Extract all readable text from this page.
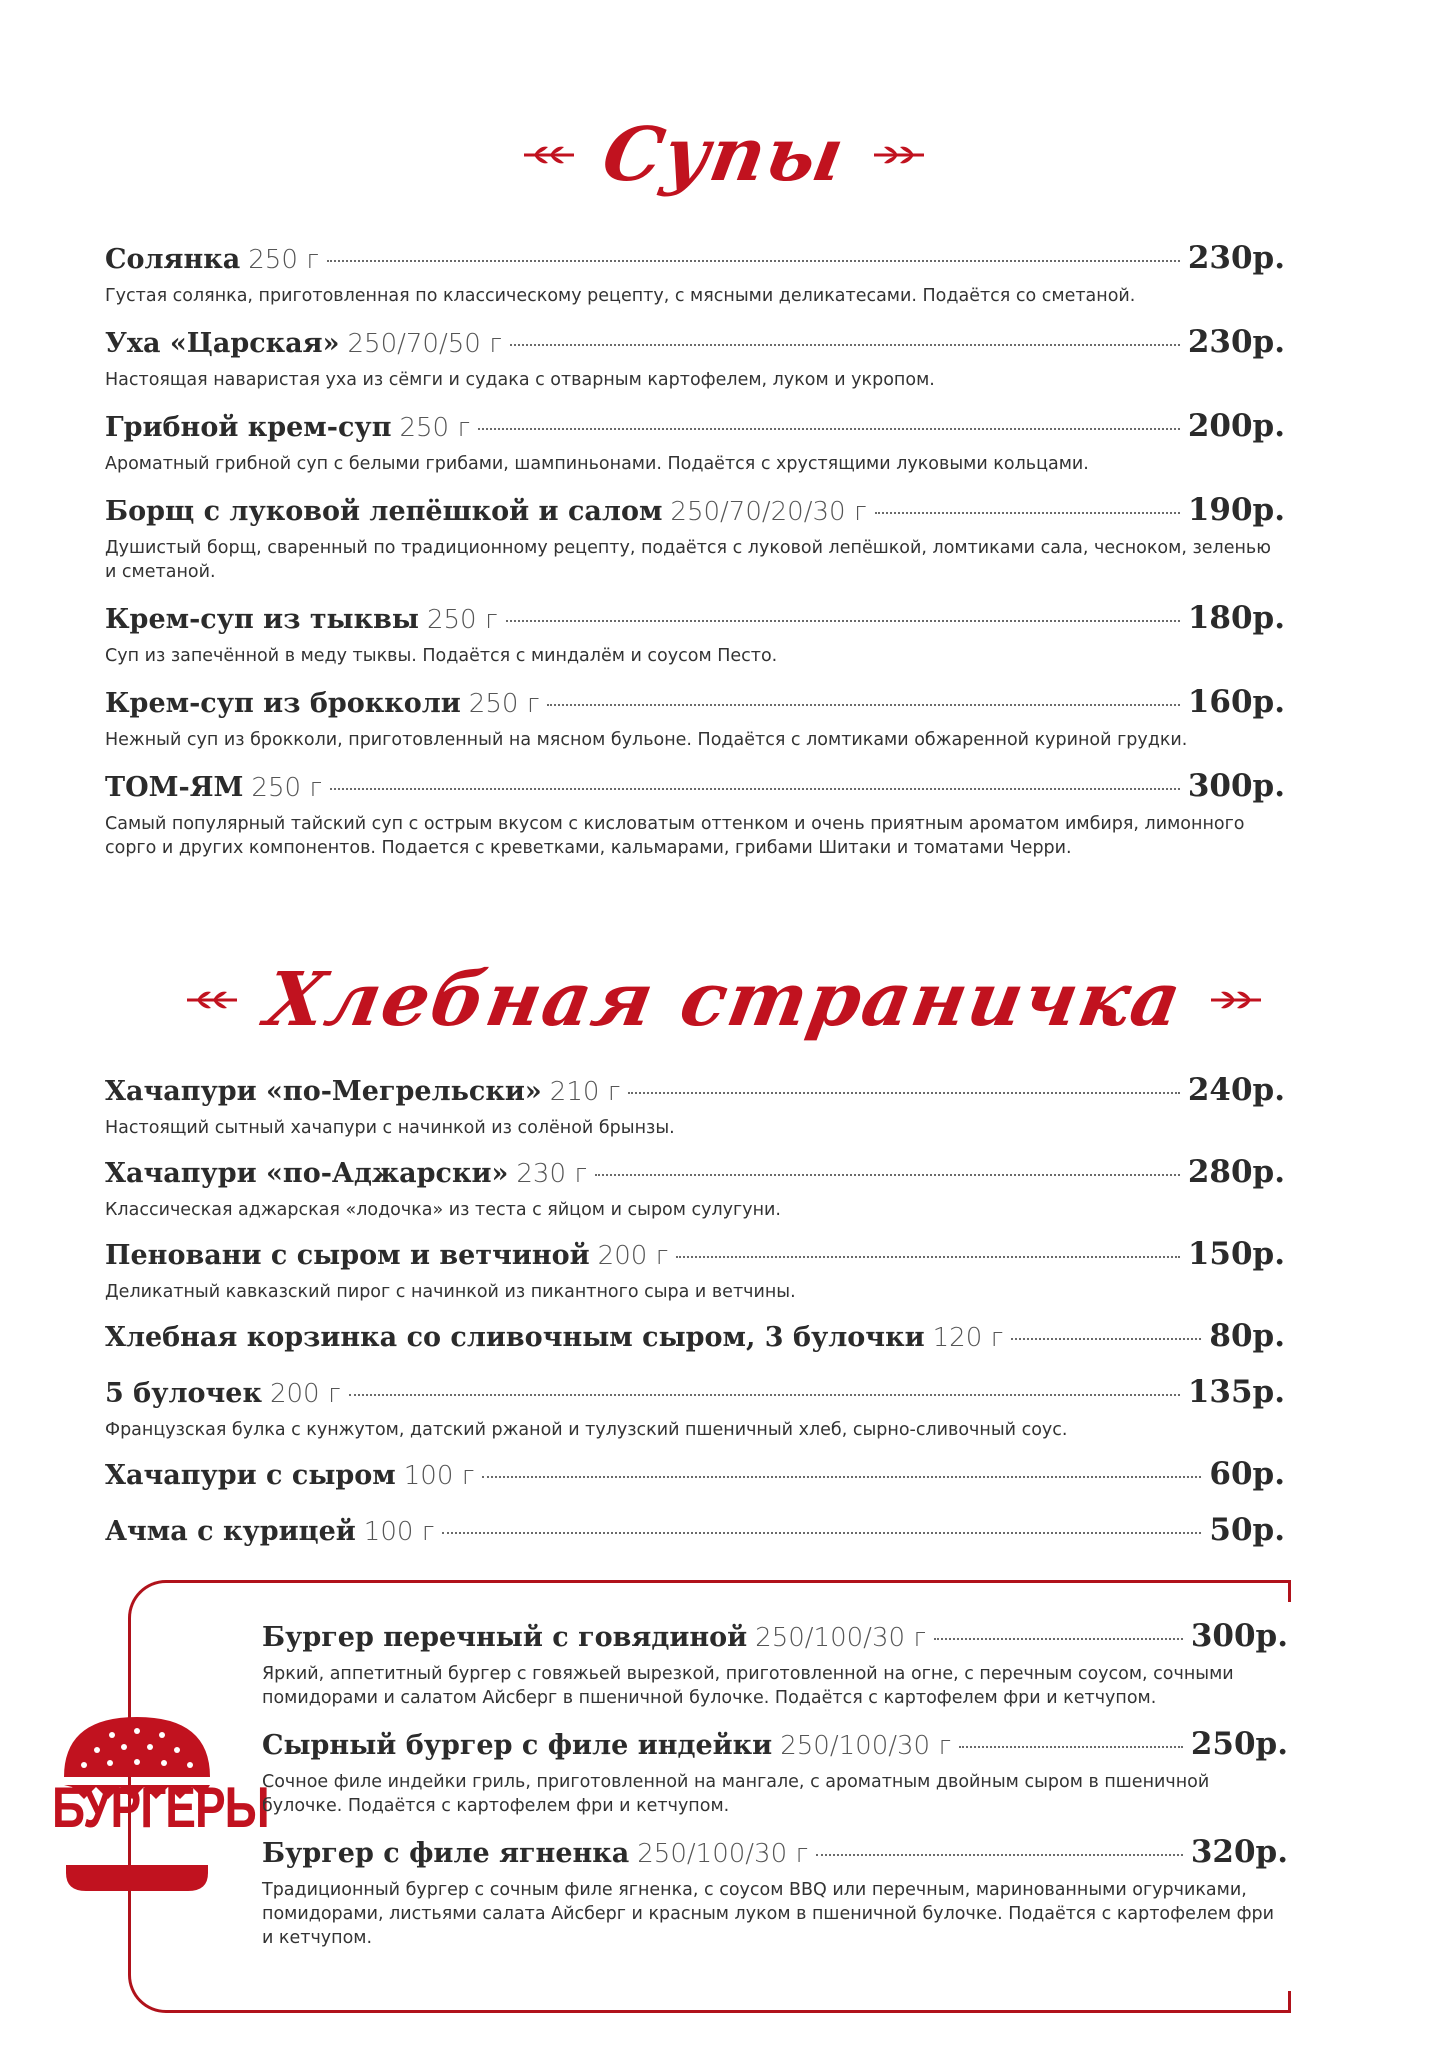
Супы
Солянка 250 г	230р.
Густая солянка, приготовленная по классическому рецепту, с мясными деликатесами. Подаётся со сметаной.
Уха «Царская» 250/70/50 г	230р.
Настоящая наваристая уха из сёмги и судака с отварным картофелем, луком и укропом.
Грибной крем-суп 250 г	200р.
Ароматный грибной суп с белыми грибами, шампиньонами. Подаётся с хрустящими луковыми кольцами.
Борщ с луковой лепёшкой и салом 250/70/20/30 г	190р.
Душистый борщ, сваренный по традиционному рецепту, подаётся с луковой лепёшкой, ломтиками сала, чесноком, зеленью и сметаной.
Крем-суп из тыквы 250 г	180р.
Суп из запечённой в меду тыквы. Подаётся с миндалём и соусом Песто.
Крем-суп из брокколи 250 г	160р.
Нежный суп из брокколи, приготовленный на мясном бульоне. Подаётся с ломтиками обжаренной куриной грудки.
ТОМ-ЯМ 250 г	300р.
Самый популярный тайский суп с острым вкусом с кисловатым оттенком и очень приятным ароматом имбиря, лимонного сорго и других компонентов. Подается с креветками, кальмарами, грибами Шитаки и томатами Черри.
Хлебная страничка
Хачапури «по-Мегрельски» 210 г	240р.
Настоящий сытный хачапури с начинкой из солёной брынзы.
Хачапури «по-Аджарски» 230 г	280р.
Классическая аджарская «лодочка» из теста с яйцом и сыром сулугуни.
Пеновани с сыром и ветчиной 200 г	150р.
Деликатный кавказский пирог с начинкой из пикантного сыра и ветчины.
Хлебная корзинка со сливочным сыром, 3 булочки 120 г	80р.
5 булочек 200 г	135р.
Французская булка с кунжутом, датский ржаной и тулузский пшеничный хлеб, сырно-сливочный соус.
Хачапури с сыром 100 г	60р.
Ачма с курицей 100 г	50р.
БУРГЕРЫ
Бургер перечный с говядиной 250/100/30 г	300р.
Яркий, аппетитный бургер с говяжьей вырезкой, приготовленной на огне, с перечным соусом, сочными помидорами и салатом Айсберг в пшеничной булочке. Подаётся с картофелем фри и кетчупом.
Сырный бургер с филе индейки 250/100/30 г	250р.
Сочное филе индейки гриль, приготовленной на мангале, с ароматным двойным сыром в пшеничной булочке. Подаётся с картофелем фри и кетчупом.
Бургер с филе ягненка 250/100/30 г	320р.
Традиционный бургер с сочным филе ягненка, с соусом BBQ или перечным, маринованными огурчиками, помидорами, листьями салата Айсберг и красным луком в пшеничной булочке. Подаётся с картофелем фри и кетчупом.
